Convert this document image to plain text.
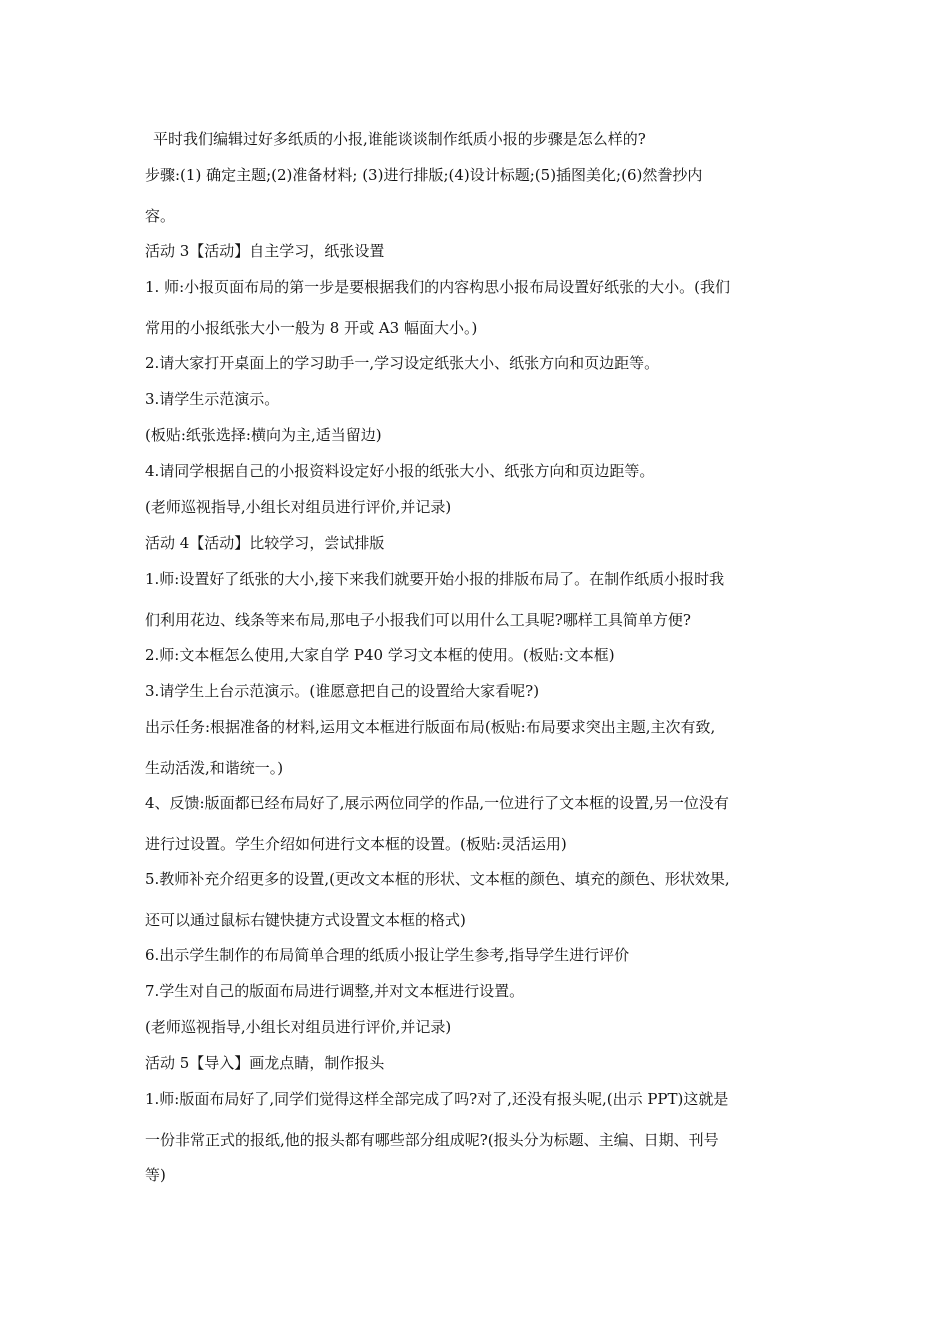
平时我们编辑过好多纸质的小报,谁能谈谈制作纸质小报的步骤是怎么样的?
步骤:(1) 确定主题;(2)准备材料; (3)进行排版;(4)设计标题;(5)插图美化;(6)然誊抄内
容。
活动 3【活动】自主学习，纸张设置
1. 师:小报页面布局的第一步是要根据我们的内容构思小报布局设置好纸张的大小。(我们
常用的小报纸张大小一般为 8 开或 A3 幅面大小。)
2.请大家打开桌面上的学习助手一,学习设定纸张大小、纸张方向和页边距等。
3.请学生示范演示。
(板贴:纸张选择:横向为主,适当留边)
4.请同学根据自己的小报资料设定好小报的纸张大小、纸张方向和页边距等。
(老师巡视指导,小组长对组员进行评价,并记录)
活动 4【活动】比较学习，尝试排版
1.师:设置好了纸张的大小,接下来我们就要开始小报的排版布局了。在制作纸质小报时我
们利用花边、线条等来布局,那电子小报我们可以用什么工具呢?哪样工具简单方便?
2.师:文本框怎么使用,大家自学 P40 学习文本框的使用。(板贴:文本框)
3.请学生上台示范演示。(谁愿意把自己的设置给大家看呢?)
出示任务:根据准备的材料,运用文本框进行版面布局(板贴:布局要求突出主题,主次有致,
生动活泼,和谐统一。)
4、反馈:版面都已经布局好了,展示两位同学的作品,一位进行了文本框的设置,另一位没有
进行过设置。学生介绍如何进行文本框的设置。(板贴:灵活运用)
5.教师补充介绍更多的设置,(更改文本框的形状、文本框的颜色、填充的颜色、形状效果,
还可以通过鼠标右键快捷方式设置文本框的格式)
6.出示学生制作的布局简单合理的纸质小报让学生参考,指导学生进行评价
7.学生对自己的版面布局进行调整,并对文本框进行设置。
(老师巡视指导,小组长对组员进行评价,并记录)
活动 5【导入】画龙点睛，制作报头
1.师:版面布局好了,同学们觉得这样全部完成了吗?对了,还没有报头呢,(出示 PPT)这就是
一份非常正式的报纸,他的报头都有哪些部分组成呢?(报头分为标题、主编、日期、刊号
等)
